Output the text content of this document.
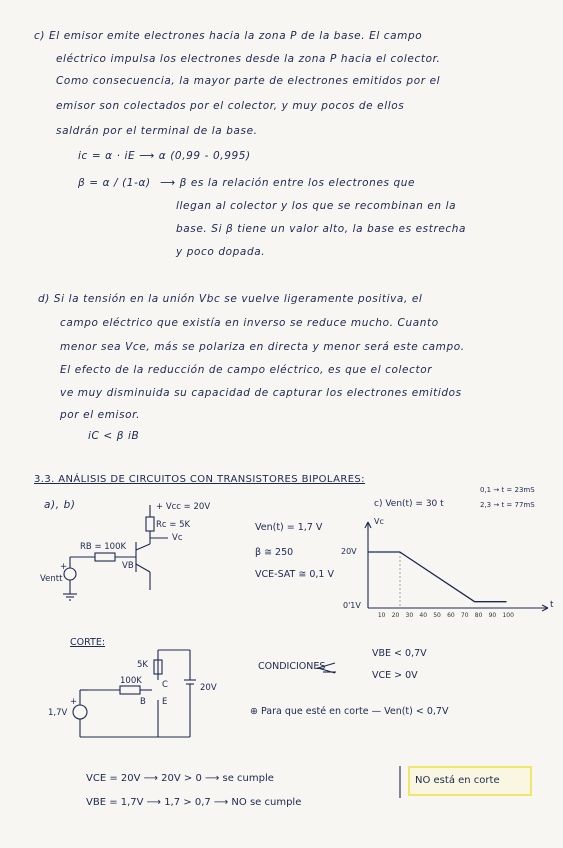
c) El emisor emite electrones hacia la zona P de la base. El campo
eléctrico impulsa los electrones desde la zona P hacia el colector.
Como consecuencia, la mayor parte de electrones emitidos por el
emisor son colectados por el colector, y muy pocos de ellos
saldrán por el terminal de la base.
ic = α · iE ⟶ α (0,99 - 0,995)
β = α / (1-α) ⟶ β es la relación entre los electrones que
llegan al colector y los que se recombinan en la
base. Si β tiene un valor alto, la base es estrecha
y poco dopada.
d) Si la tensión en la unión Vbc se vuelve ligeramente positiva, el
campo eléctrico que existía en inverso se reduce mucho. Cuanto
menor sea Vce, más se polariza en directa y menor será este campo.
El efecto de la reducción de campo eléctrico, es que el colector
ve muy disminuida su capacidad de capturar los electrones emitidos
por el emisor.
iC < β iB
3.3. ANÁLISIS DE CIRCUITOS CON TRANSISTORES BIPOLARES:
a), b)	+ Vcc = 20V
Rc = 5K
Vc
RB = 100K
VB
Ventt
+
Ven(t) = 1,7 V
β ≅ 250
VCE-SAT ≅ 0,1 V
c) Ven(t) = 30 t
0,1 → t = 23mS
2,3 → t = 77mS
Vc
20V
0'1V	t
10 20 30 40 50 60 70 80 90 100
CORTE:
5K
100K
20V
1,7V
C
B E
+
CONDICIONES
VBE < 0,7V
VCE > 0V
⊕ Para que esté en corte — Ven(t) < 0,7V
VCE = 20V ⟶ 20V > 0 ⟶ se cumple
VBE = 1,7V ⟶ 1,7 > 0,7 ⟶ NO se cumple
NO está en corte
